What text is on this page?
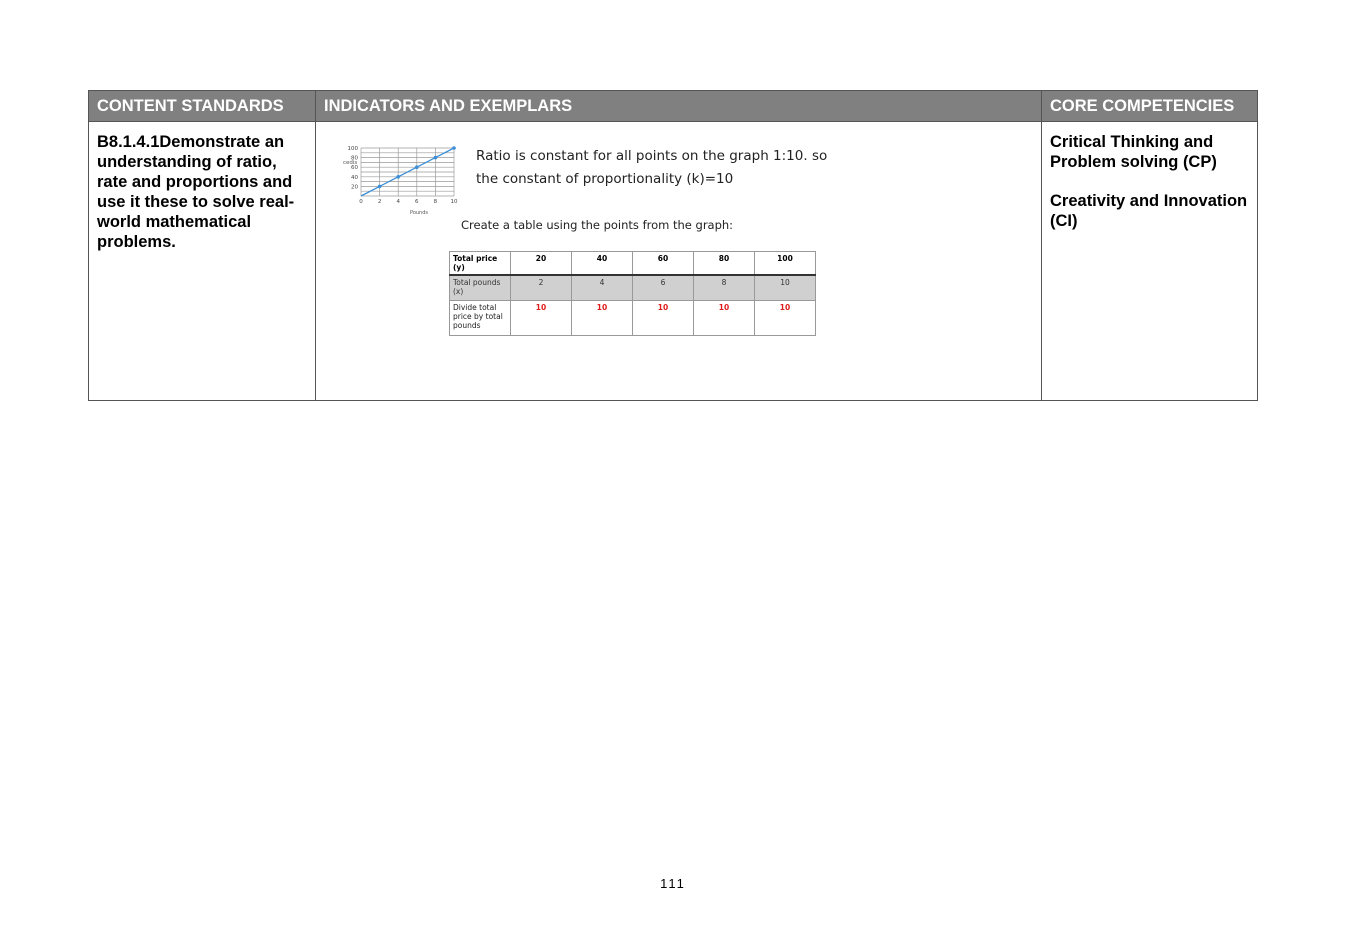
CONTENT STANDARDS	INDICATORS AND EXEMPLARS	CORE COMPETENCIES

B8.1.4.1Demonstrate an understanding of ratio, rate and proportions and use it these to solve real-world mathematical problems.

100
80
60
40
20
0	2	4	6	8 10
cedis
Pounds
Ratio is constant for all points on the graph 1:10. so
the constant of proportionality (k)=10
Create a table using the points from the graph:
Total price (y)	20	40	60	80	100
Total pounds (x)	2	4	6	8	10
Divide total price by total pounds	10	10	10	10	10

Critical Thinking and Problem solving (CP)
Creativity and Innovation (CI)
111
